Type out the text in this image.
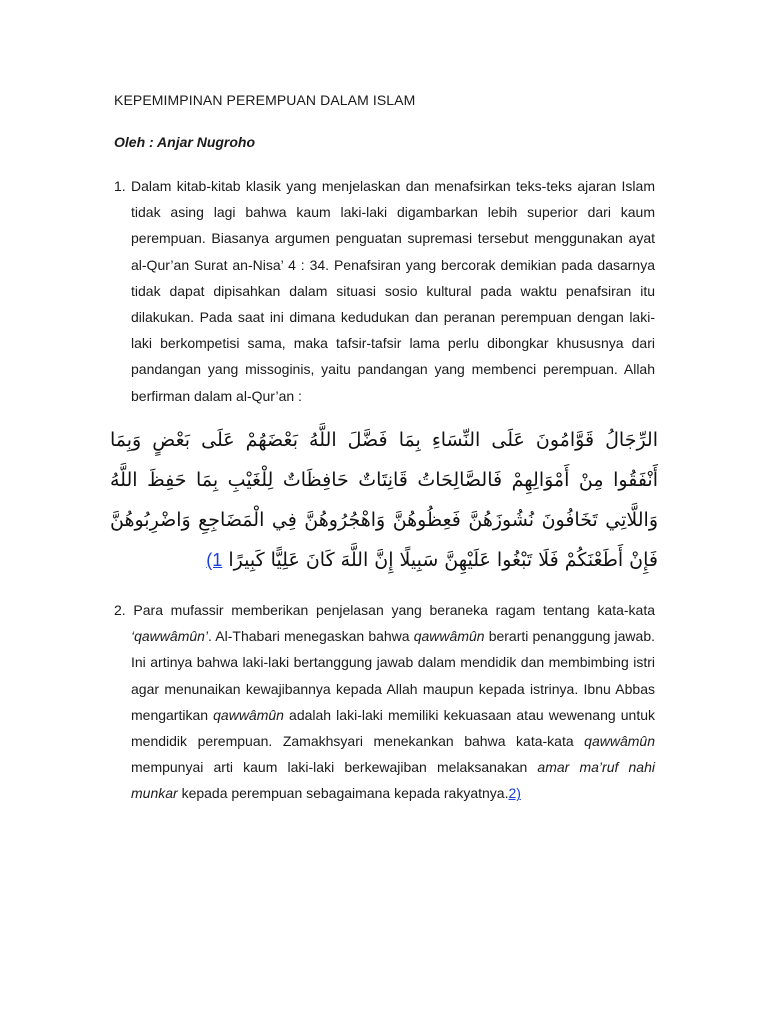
KEPEMIMPINAN PEREMPUAN DALAM ISLAM
Oleh : Anjar Nugroho
1. Dalam kitab-kitab klasik yang menjelaskan dan menafsirkan teks-teks ajaran Islam tidak asing lagi bahwa kaum laki-laki digambarkan lebih superior dari kaum perempuan. Biasanya argumen penguatan supremasi tersebut menggunakan ayat al-Qur’an Surat an-Nisa’ 4 : 34. Penafsiran yang bercorak demikian pada dasarnya tidak dapat dipisahkan dalam situasi sosio kultural pada waktu penafsiran itu dilakukan. Pada saat ini dimana kedudukan dan peranan perempuan dengan laki-laki berkompetisi sama, maka tafsir-tafsir lama perlu dibongkar khususnya dari pandangan yang missoginis, yaitu pandangan yang membenci perempuan. Allah berfirman dalam al-Qur’an :
الرِّجَالُ قَوَّامُونَ عَلَى النِّسَاءِ بِمَا فَضَّلَ اللَّهُ بَعْضَهُمْ عَلَى بَعْضٍ وَبِمَا أَنْفَقُوا مِنْ أَمْوَالِهِمْ فَالصَّالِحَاتُ قَانِتَاتٌ حَافِظَاتٌ لِلْغَيْبِ بِمَا حَفِظَ اللَّهُ وَاللَّاتِي تَخَافُونَ نُشُوزَهُنَّ فَعِظُوهُنَّ وَاهْجُرُوهُنَّ فِي الْمَضَاجِعِ وَاضْرِبُوهُنَّ فَإِنْ أَطَعْنَكُمْ فَلَا تَبْغُوا عَلَيْهِنَّ سَبِيلًا إِنَّ اللَّهَ كَانَ عَلِيًّا كَبِيرًا (1
2. Para mufassir memberikan penjelasan yang beraneka ragam tentang kata-kata ‘qawwâmûn’. Al-Thabari menegaskan bahwa qawwâmûn berarti penanggung jawab. Ini artinya bahwa laki-laki bertanggung jawab dalam mendidik dan membimbing istri agar menunaikan kewajibannya kepada Allah maupun kepada istrinya. Ibnu Abbas mengartikan qawwâmûn adalah laki-laki memiliki kekuasaan atau wewenang untuk mendidik perempuan. Zamakhsyari menekankan bahwa kata-kata qawwâmûn mempunyai arti kaum laki-laki berkewajiban melaksanakan amar ma’ruf nahi munkar kepada perempuan sebagaimana kepada rakyatnya.2)
